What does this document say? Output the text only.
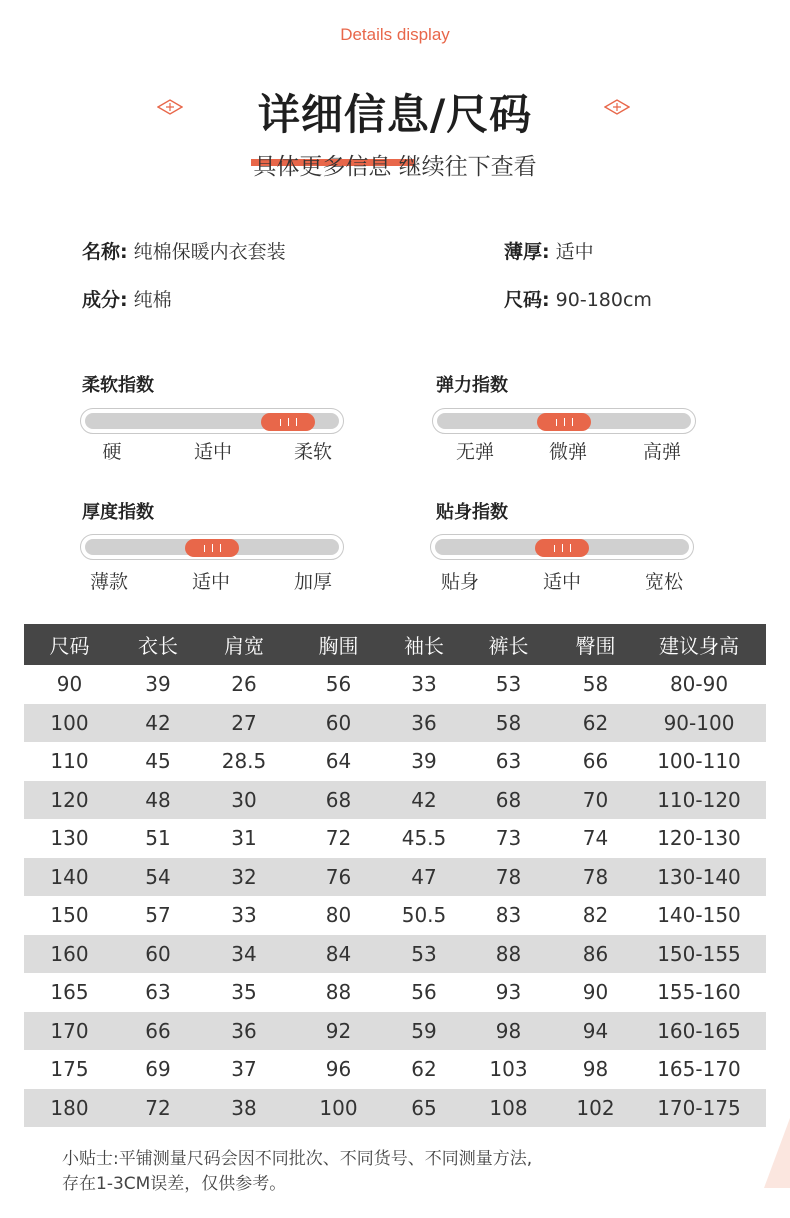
Details display
详细信息/尺码
具体更多信息 继续往下查看
名称: 纯棉保暖内衣套装	薄厚: 适中
成分: 纯棉	尺码: 90-180cm
柔软指数
硬	适中	柔软
弹力指数
无弹	微弹	高弹
厚度指数
薄款	适中	加厚
贴身指数
贴身	适中	宽松
尺码	衣长	肩宽	胸围	袖长	裤长	臀围	建议身高
90	39	26	56	33	53	58	80-90
100	42	27	60	36	58	62	90-100
110	45	28.5	64	39	63	66	100-110
120	48	30	68	42	68	70	110-120
130	51	31	72	45.5	73	74	120-130
140	54	32	76	47	78	78	130-140
150	57	33	80	50.5	83	82	140-150
160	60	34	84	53	88	86	150-155
165	63	35	88	56	93	90	155-160
170	66	36	92	59	98	94	160-165
175	69	37	96	62	103	98	165-170
180	72	38	100	65	108	102	170-175
小贴士:平铺测量尺码会因不同批次、不同货号、不同测量方法,
存在1-3CM误差，仅供参考。
